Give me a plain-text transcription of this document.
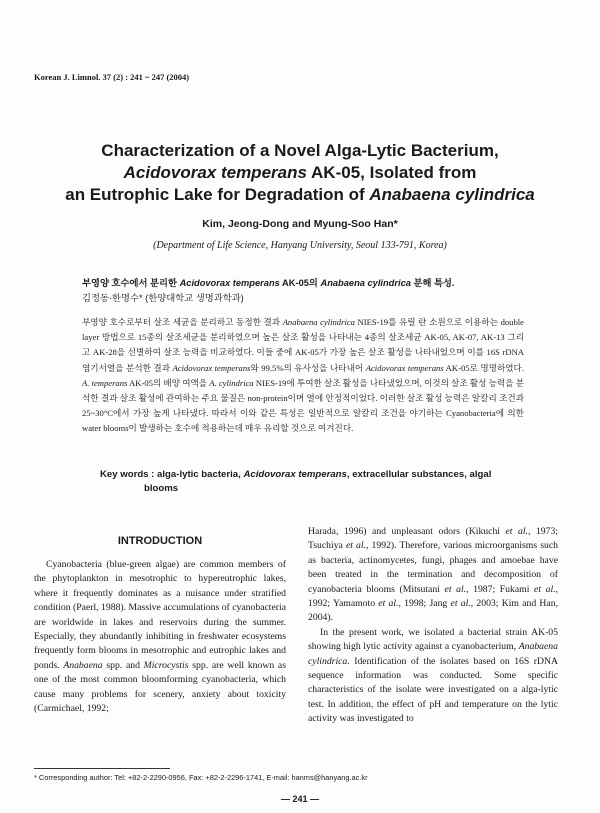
Korean J. Limnol. 37 (2) : 241 ~ 247 (2004)
Characterization of a Novel Alga-Lytic Bacterium,
Acidovorax temperans AK-05, Isolated from
an Eutrophic Lake for Degradation of Anabaena cylindrica
Kim, Jeong-Dong and Myung-Soo Han*
(Department of Life Science, Hanyang University, Seoul 133-791, Korea)
부영양 호수에서 분리한 Acidovorax temperans AK-05의 Anabaena cylindrica 분해 특성.
김정동·한명수* (한양대학교 생명과학과)
부영양 호수로부터 살조 세균을 분리하고 동정한 결과 Anabaena cylindrica NIES-19를 유릴 란 소원으로 이용하는 double layer 방법으로 15종의 살조세균을 분리하였으며 높은 살조 활성을 나타내는 4종의 살조세균 AK-05, AK-07, AK-13 그리고 AK-28을 선별하여 살조 능력을 비교하였다. 이들 중에 AK-05가 가장 높은 살조 활성을 나타내었으며 이를 16S rDNA 염기서열을 분석한 결과 Acidovorax temperans와 99.5%의 유사성을 나타내어 Acidovorax temperans AK-05로 명명하였다. A. temperans AK-05의 배양 여액을 A. cylindrica NIES-19에 투여한 살조 활성을 나타냈었으며, 이것의 살조 활성 능력을 분석한 결과 살조 활성에 관여하는 주요 물질은 non-protein이며 열에 안정적이었다. 이러한 살조 활성 능력은 알칼리 조건과 25~30°C에서 가장 높게 나타냈다. 따라서 이와 같은 특성은 일반적으로 알칼리 조건을 야기하는 Cyanobacteria에 의한 water blooms이 발생하는 호수에 적용하는데 매우 유리할 것으로 여겨진다.
Key words : alga-lytic bacteria, Acidovorax temperans, extracellular substances, algal
blooms
INTRODUCTION
Cyanobacteria (blue-green algae) are common members of the phytoplankton in mesotrophic to hypereutrophic lakes, where it frequently dominates as a nuisance under stratified condition (Paerl, 1988). Massive accumulations of cyanobacteria are worldwide in lakes and reservoirs during the summer. Especially, they abundantly inhibiting in freshwater ecosystems frequently form blooms in mesotrophic and eutrophic lakes and ponds. Anabaena spp. and Microcystis spp. are well known as one of the most common bloomforming cyanobacteria, which cause many problems for scenery, anxiety about toxicity (Carmichael, 1992;
Harada, 1996) and unpleasant odors (Kikuchi et al., 1973; Tsuchiya et al., 1992). Therefore, various microorganisms such as bacteria, actinomycetes, fungi, phages and amoebae have been treated in the termination and decomposition of cyanobacteria blooms (Mitsutani et al., 1987; Fukami et al., 1992; Yamamoto et al., 1998; Jang et al., 2003; Kim and Han, 2004).
In the present work, we isolated a bacterial strain AK-05 showing high lytic activity against a cyanobacterium, Anabaena cylindrica. Identification of the isolates based on 16S rDNA sequence information was conducted. Some specific characteristics of the isolate were investigated on a alga-lytic test. In addition, the effect of pH and temperature on the lytic activity was investigated to
* Corresponding author: Tel: +82-2-2290-0956, Fax: +82-2-2296-1741, E-mail: hanms@hanyang.ac.kr
— 241 —
